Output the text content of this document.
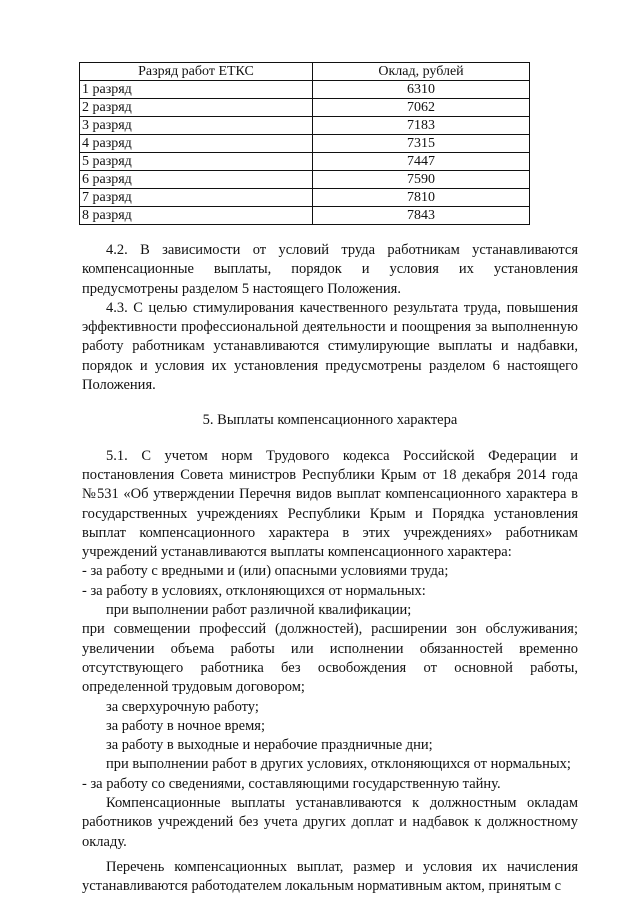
Разряд работ ЕТКС	Оклад, рублей
1 разряд	6310
2 разряд	7062
3 разряд	7183
4 разряд	7315
5 разряд	7447
6 разряд	7590
7 разряд	7810
8 разряд	7843

4.2. В зависимости от условий труда работникам устанавливаются компенсационные выплаты, порядок и условия их установления предусмотрены разделом 5 настоящего Положения.

4.3. С целью стимулирования качественного результата труда, повышения эффективности профессиональной деятельности и поощрения за выполненную работу работникам устанавливаются стимулирующие выплаты и надбавки, порядок и условия их установления предусмотрены разделом 6 настоящего Положения.

5. Выплаты компенсационного характера

5.1. С учетом норм Трудового кодекса Российской Федерации и постановления Совета министров Республики Крым от 18 декабря 2014 года №531 «Об утверждении Перечня видов выплат компенсационного характера в государственных учреждениях Республики Крым и Порядка установления выплат компенсационного характера в этих учреждениях» работникам учреждений устанавливаются выплаты компенсационного характера:

- за работу с вредными и (или) опасными условиями труда;

- за работу в условиях, отклоняющихся от нормальных:

при выполнении работ различной квалификации;

при совмещении профессий (должностей), расширении зон обслуживания; увеличении объема работы или исполнении обязанностей временно отсутствующего работника без освобождения от основной работы, определенной трудовым договором;

за сверхурочную работу;

за работу в ночное время;

за работу в выходные и нерабочие праздничные дни;

при выполнении работ в других условиях, отклоняющихся от нормальных;

- за работу со сведениями, составляющими государственную тайну.

Компенсационные выплаты устанавливаются к должностным окладам работников учреждений без учета других доплат и надбавок к должностному окладу.

Перечень компенсационных выплат, размер и условия их начисления устанавливаются работодателем локальным нормативным актом, принятым с
